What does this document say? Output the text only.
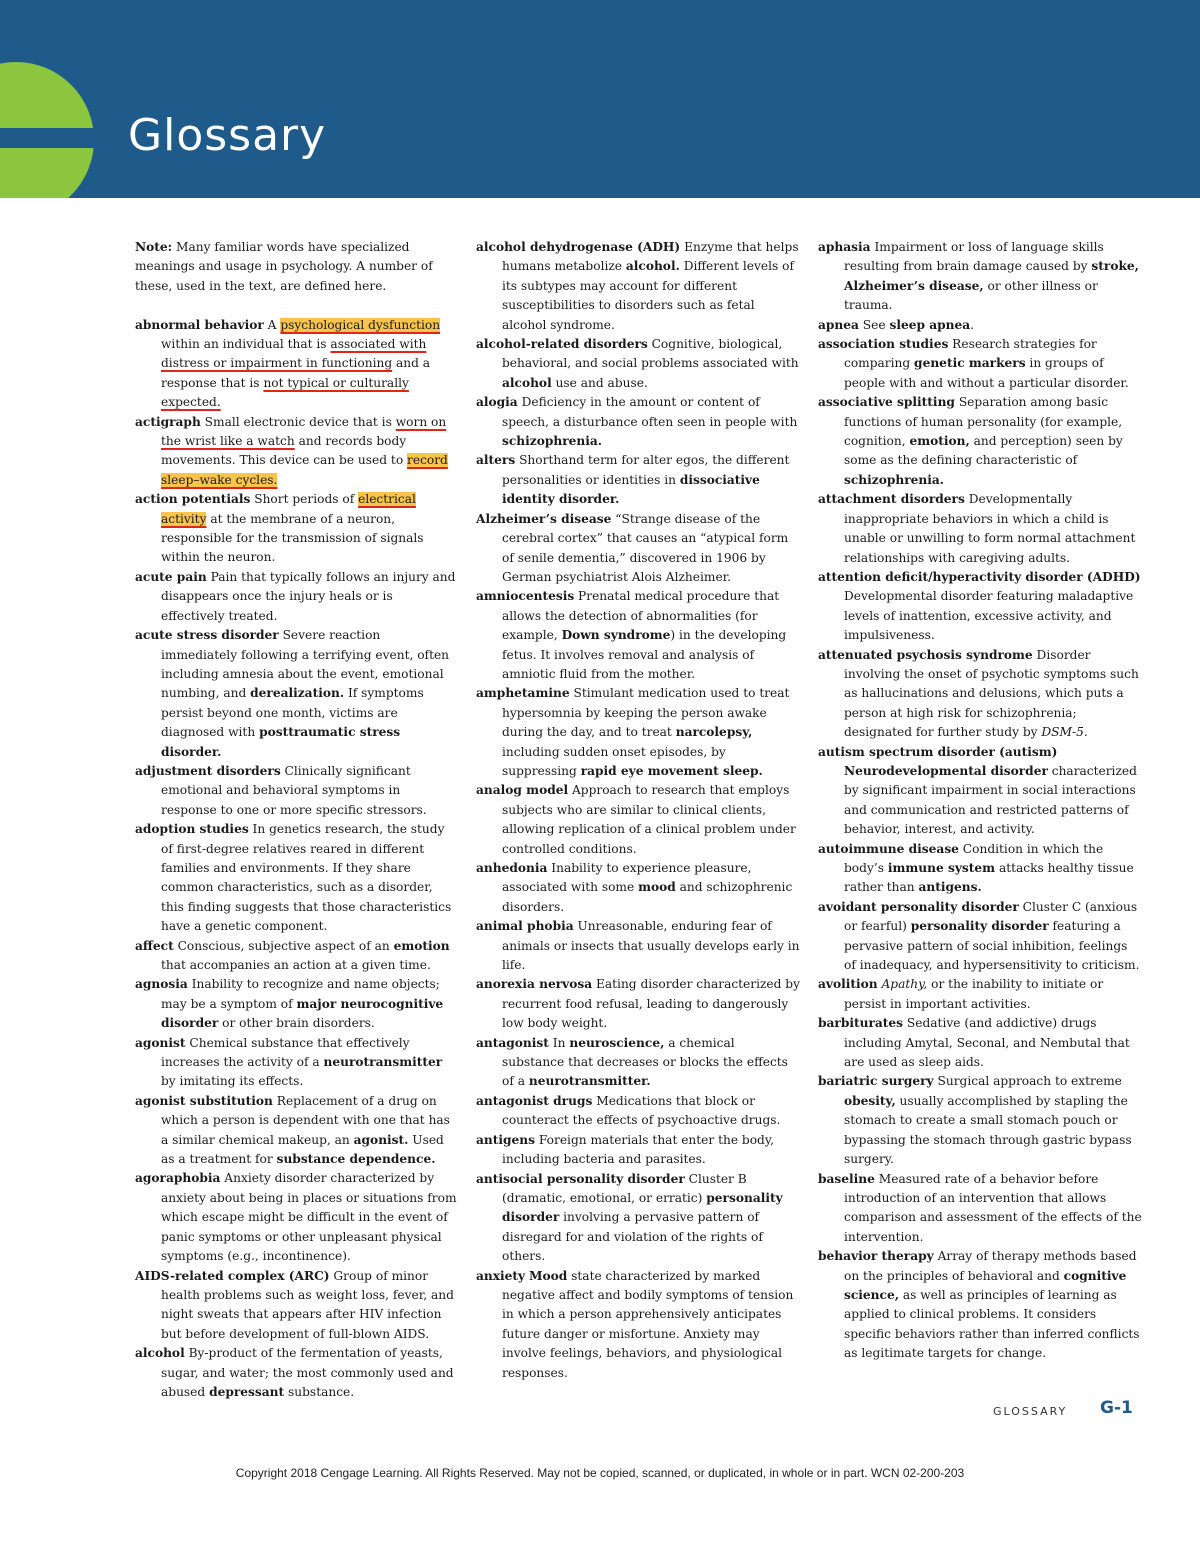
Glossary
Note: Many familiar words have specialized meanings and usage in psychology. A number of these, used in the text, are defined here.
abnormal behavior A psychological dysfunction within an individual that is associated with distress or impairment in functioning and a response that is not typical or culturally expected.
actigraph Small electronic device that is worn on the wrist like a watch and records body movements. This device can be used to record sleep–wake cycles.
action potentials Short periods of electrical activity at the membrane of a neuron, responsible for the transmission of signals within the neuron.
acute pain Pain that typically follows an injury and disappears once the injury heals or is effectively treated.
acute stress disorder Severe reaction immediately following a terrifying event, often including amnesia about the event, emotional numbing, and derealization. If symptoms persist beyond one month, victims are diagnosed with posttraumatic stress disorder.
adjustment disorders Clinically significant emotional and behavioral symptoms in response to one or more specific stressors.
adoption studies In genetics research, the study of first-degree relatives reared in different families and environments. If they share common characteristics, such as a disorder, this finding suggests that those characteristics have a genetic component.
affect Conscious, subjective aspect of an emotion that accompanies an action at a given time.
agnosia Inability to recognize and name objects; may be a symptom of major neurocognitive disorder or other brain disorders.
agonist Chemical substance that effectively increases the activity of a neurotransmitter by imitating its effects.
agonist substitution Replacement of a drug on which a person is dependent with one that has a similar chemical makeup, an agonist. Used as a treatment for substance dependence.
agoraphobia Anxiety disorder characterized by anxiety about being in places or situations from which escape might be difficult in the event of panic symptoms or other unpleasant physical symptoms (e.g., incontinence).
AIDS-related complex (ARC) Group of minor health problems such as weight loss, fever, and night sweats that appears after HIV infection but before development of full-blown AIDS.
alcohol By-product of the fermentation of yeasts, sugar, and water; the most commonly used and abused depressant substance.
alcohol dehydrogenase (ADH) Enzyme that helps humans metabolize alcohol. Different levels of its subtypes may account for different susceptibilities to disorders such as fetal alcohol syndrome.
alcohol-related disorders Cognitive, biological, behavioral, and social problems associated with alcohol use and abuse.
alogia Deficiency in the amount or content of speech, a disturbance often seen in people with schizophrenia.
alters Shorthand term for alter egos, the different personalities or identities in dissociative identity disorder.
Alzheimer’s disease “Strange disease of the cerebral cortex” that causes an “atypical form of senile dementia,” discovered in 1906 by German psychiatrist Alois Alzheimer.
amniocentesis Prenatal medical procedure that allows the detection of abnormalities (for example, Down syndrome) in the developing fetus. It involves removal and analysis of amniotic fluid from the mother.
amphetamine Stimulant medication used to treat hypersomnia by keeping the person awake during the day, and to treat narcolepsy, including sudden onset episodes, by suppressing rapid eye movement sleep.
analog model Approach to research that employs subjects who are similar to clinical clients, allowing replication of a clinical problem under controlled conditions.
anhedonia Inability to experience pleasure, associated with some mood and schizophrenic disorders.
animal phobia Unreasonable, enduring fear of animals or insects that usually develops early in life.
anorexia nervosa Eating disorder characterized by recurrent food refusal, leading to dangerously low body weight.
antagonist In neuroscience, a chemical substance that decreases or blocks the effects of a neurotransmitter.
antagonist drugs Medications that block or counteract the effects of psychoactive drugs.
antigens Foreign materials that enter the body, including bacteria and parasites.
antisocial personality disorder Cluster B (dramatic, emotional, or erratic) personality disorder involving a pervasive pattern of disregard for and violation of the rights of others.
anxiety Mood state characterized by marked negative affect and bodily symptoms of tension in which a person apprehensively anticipates future danger or misfortune. Anxiety may involve feelings, behaviors, and physiological responses.
aphasia Impairment or loss of language skills resulting from brain damage caused by stroke, Alzheimer’s disease, or other illness or trauma.
apnea See sleep apnea.
association studies Research strategies for comparing genetic markers in groups of people with and without a particular disorder.
associative splitting Separation among basic functions of human personality (for example, cognition, emotion, and perception) seen by some as the defining characteristic of schizophrenia.
attachment disorders Developmentally inappropriate behaviors in which a child is unable or unwilling to form normal attachment relationships with caregiving adults.
attention deficit/hyperactivity disorder (ADHD) Developmental disorder featuring maladaptive levels of inattention, excessive activity, and impulsiveness.
attenuated psychosis syndrome Disorder involving the onset of psychotic symptoms such as hallucinations and delusions, which puts a person at high risk for schizophrenia; designated for further study by DSM-5.
autism spectrum disorder (autism) Neurodevelopmental disorder characterized by significant impairment in social interactions and communication and restricted patterns of behavior, interest, and activity.
autoimmune disease Condition in which the body’s immune system attacks healthy tissue rather than antigens.
avoidant personality disorder Cluster C (anxious or fearful) personality disorder featuring a pervasive pattern of social inhibition, feelings of inadequacy, and hypersensitivity to criticism.
avolition Apathy, or the inability to initiate or persist in important activities.
barbiturates Sedative (and addictive) drugs including Amytal, Seconal, and Nembutal that are used as sleep aids.
bariatric surgery Surgical approach to extreme obesity, usually accomplished by stapling the stomach to create a small stomach pouch or bypassing the stomach through gastric bypass surgery.
baseline Measured rate of a behavior before introduction of an intervention that allows comparison and assessment of the effects of the intervention.
behavior therapy Array of therapy methods based on the principles of behavioral and cognitive science, as well as principles of learning as applied to clinical problems. It considers specific behaviors rather than inferred conflicts as legitimate targets for change.
GLOSSARY G-1
Copyright 2018 Cengage Learning. All Rights Reserved. May not be copied, scanned, or duplicated, in whole or in part. WCN 02-200-203
